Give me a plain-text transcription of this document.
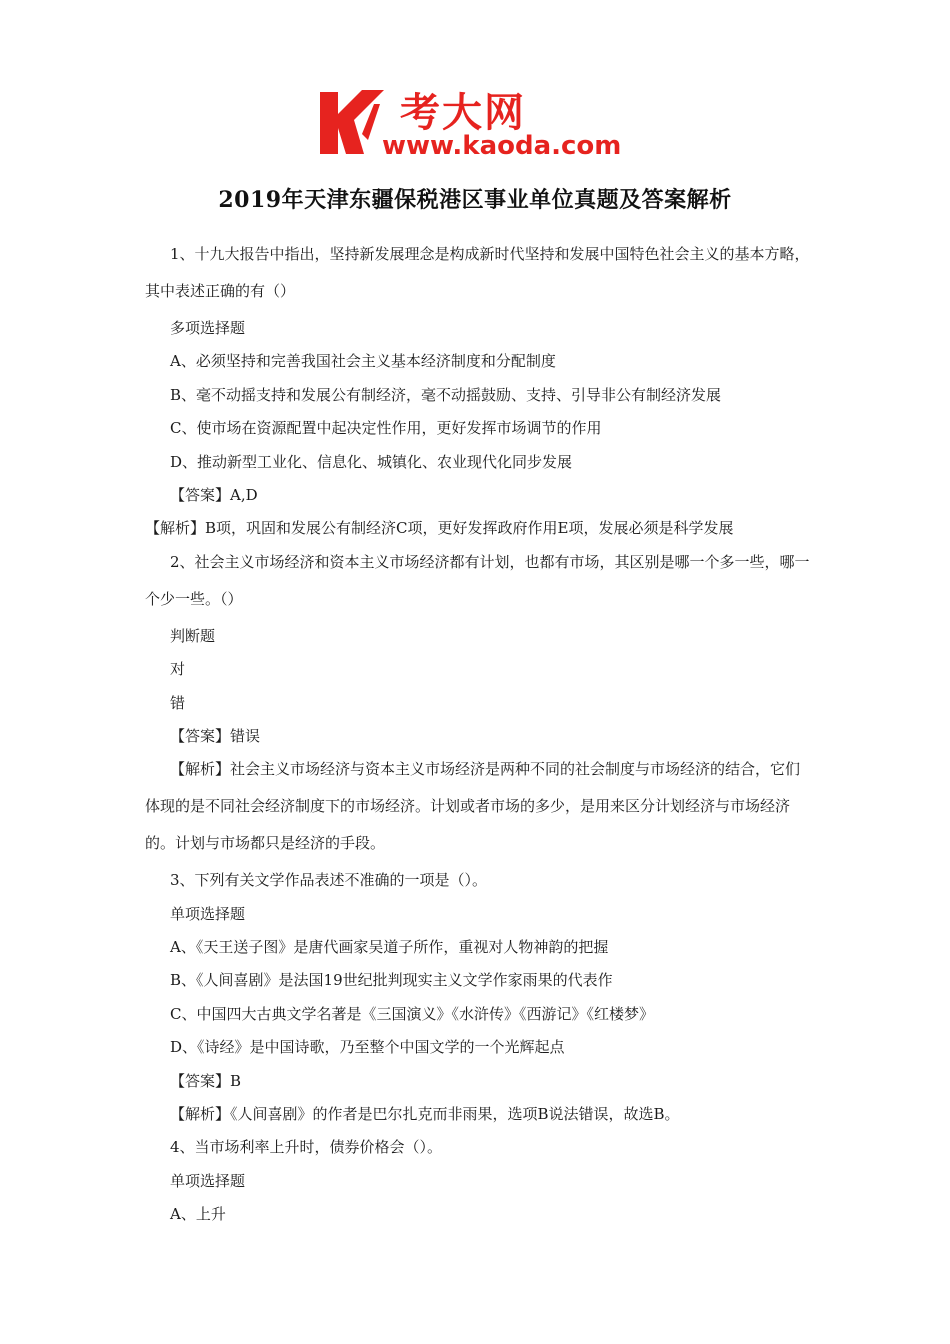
考大网
www.kaoda.com
2019年天津东疆保税港区事业单位真题及答案解析

1、十九大报告中指出，坚持新发展理念是构成新时代坚持和发展中国特色社会主义的基本方略，其中表述正确的有（）

多项选择题

A、必须坚持和完善我国社会主义基本经济制度和分配制度

B、毫不动摇支持和发展公有制经济，毫不动摇鼓励、支持、引导非公有制经济发展

C、使市场在资源配置中起决定性作用，更好发挥市场调节的作用

D、推动新型工业化、信息化、城镇化、农业现代化同步发展

【答案】A,D

【解析】B项，巩固和发展公有制经济C项，更好发挥政府作用E项，发展必须是科学发展

2、社会主义市场经济和资本主义市场经济都有计划，也都有市场，其区别是哪一个多一些，哪一个少一些。（）

判断题

对

错

【答案】错误

【解析】社会主义市场经济与资本主义市场经济是两种不同的社会制度与市场经济的结合，它们体现的是不同社会经济制度下的市场经济。计划或者市场的多少，是用来区分计划经济与市场经济的。计划与市场都只是经济的手段。

3、下列有关文学作品表述不准确的一项是（）。

单项选择题

A、《天王送子图》是唐代画家吴道子所作，重视对人物神韵的把握

B、《人间喜剧》是法国19世纪批判现实主义文学作家雨果的代表作

C、中国四大古典文学名著是《三国演义》《水浒传》《西游记》《红楼梦》

D、《诗经》是中国诗歌，乃至整个中国文学的一个光辉起点

【答案】B

【解析】《人间喜剧》的作者是巴尔扎克而非雨果，选项B说法错误，故选B。

4、当市场利率上升时，债券价格会（）。

单项选择题

A、上升
